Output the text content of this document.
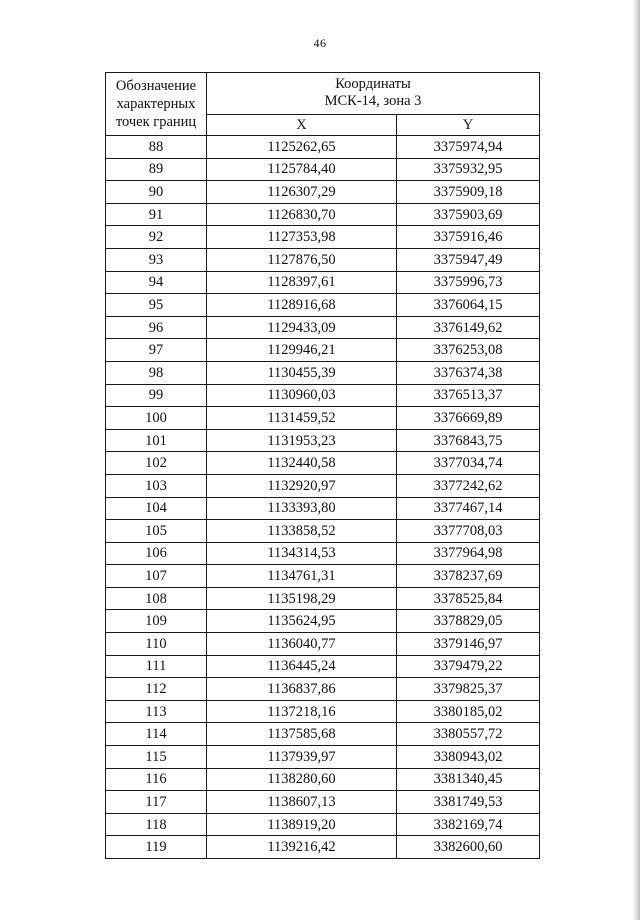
46
Обозначение
характерных
точек границ	Координаты
МСК-14, зона 3	
	X	Y
88	1125262,65	3375974,94
89	1125784,40	3375932,95
90	1126307,29	3375909,18
91	1126830,70	3375903,69
92	1127353,98	3375916,46
93	1127876,50	3375947,49
94	1128397,61	3375996,73
95	1128916,68	3376064,15
96	1129433,09	3376149,62
97	1129946,21	3376253,08
98	1130455,39	3376374,38
99	1130960,03	3376513,37
100	1131459,52	3376669,89
101	1131953,23	3376843,75
102	1132440,58	3377034,74
103	1132920,97	3377242,62
104	1133393,80	3377467,14
105	1133858,52	3377708,03
106	1134314,53	3377964,98
107	1134761,31	3378237,69
108	1135198,29	3378525,84
109	1135624,95	3378829,05
110	1136040,77	3379146,97
111	1136445,24	3379479,22
112	1136837,86	3379825,37
113	1137218,16	3380185,02
114	1137585,68	3380557,72
115	1137939,97	3380943,02
116	1138280,60	3381340,45
117	1138607,13	3381749,53
118	1138919,20	3382169,74
119	1139216,42	3382600,60
